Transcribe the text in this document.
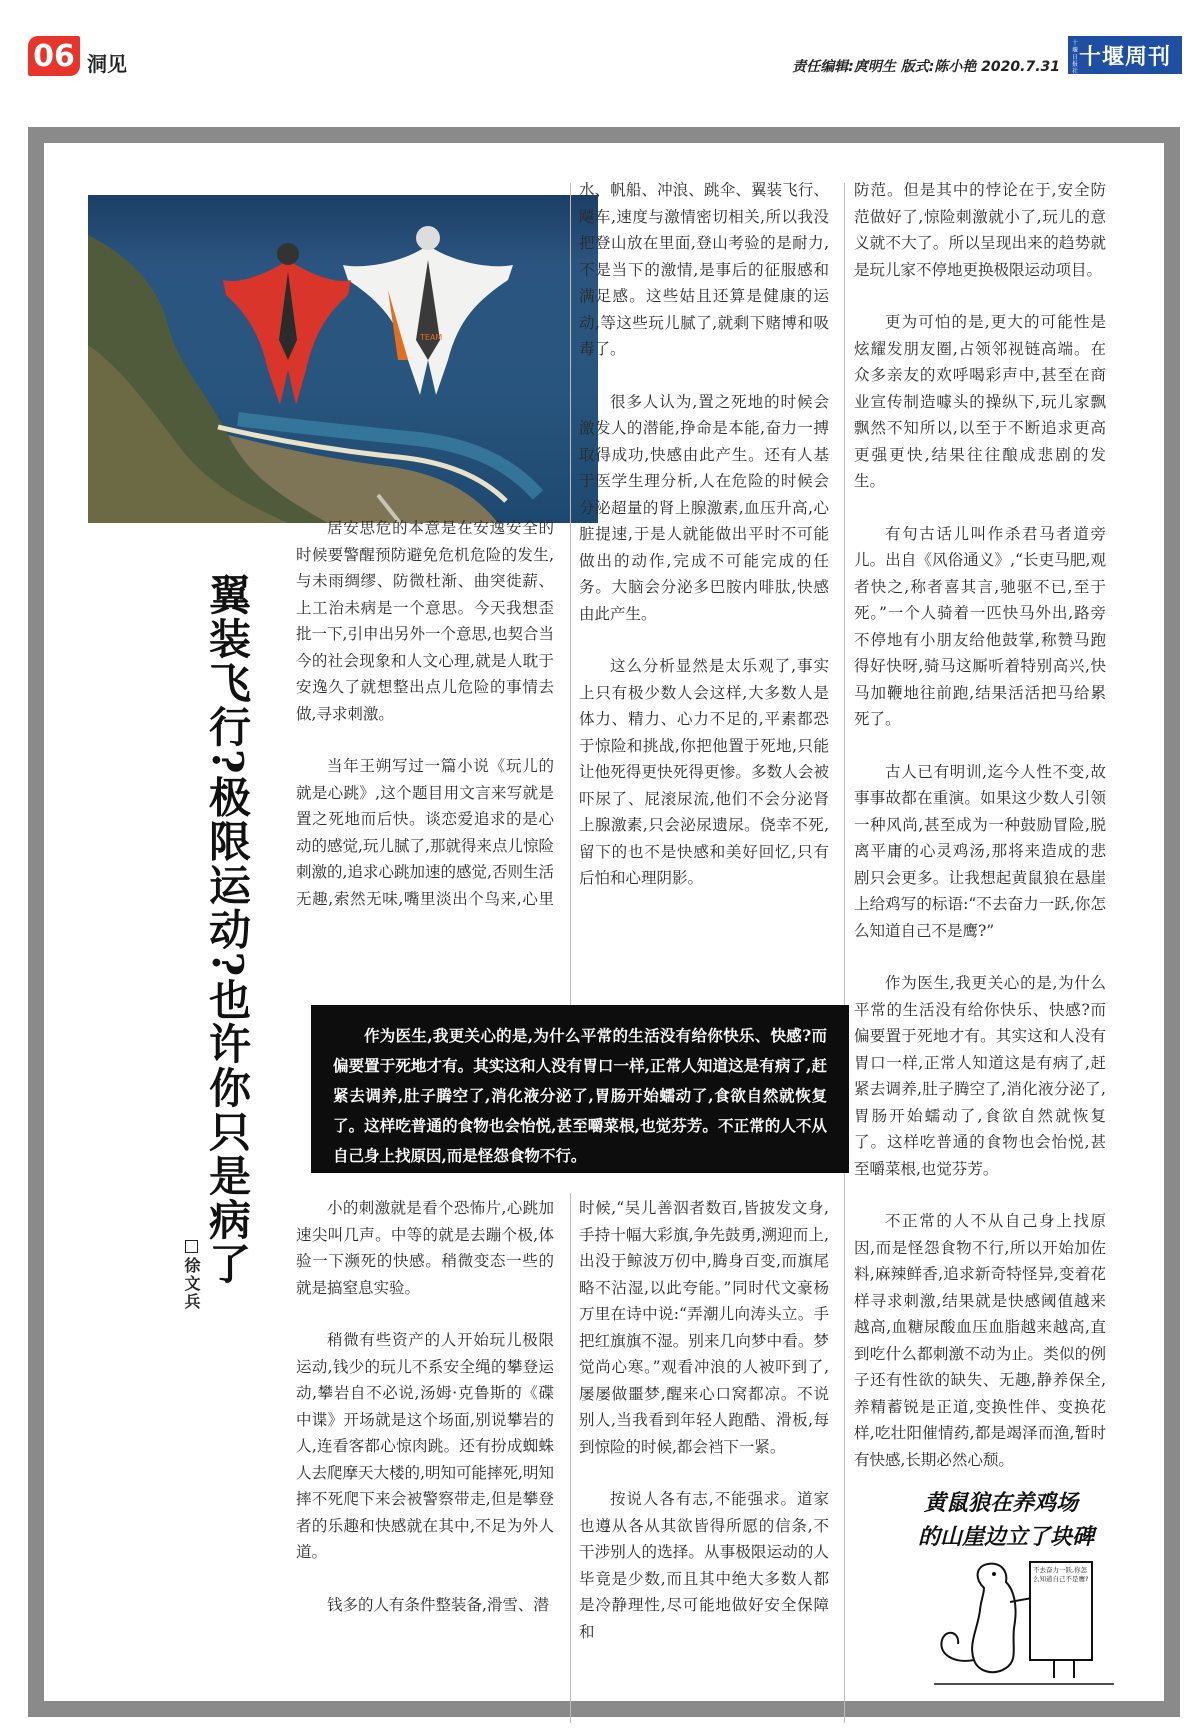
06 洞见	责任编辑:庹明生 版式:陈小艳 2020.7.31
十堰日报社
十堰周刊
TEAM
翼装飞行?极限运动?也许你只是病了
徐文兵

居安思危的本意是在安逸安全的时候要警醒预防避免危机危险的发生,与未雨绸缪、防微杜渐、曲突徙薪、上工治未病是一个意思。今天我想歪批一下,引申出另外一个意思,也契合当今的社会现象和人文心理,就是人耽于安逸久了就想整出点儿危险的事情去做,寻求刺激。

当年王朔写过一篇小说《玩儿的就是心跳》,这个题目用文言来写就是置之死地而后快。谈恋爱追求的是心动的感觉,玩儿腻了,那就得来点儿惊险刺激的,追求心跳加速的感觉,否则生活无趣,索然无味,嘴里淡出个鸟来,心里

水、帆船、冲浪、跳伞、翼装飞行、飚车,速度与激情密切相关,所以我没把登山放在里面,登山考验的是耐力,不是当下的激情,是事后的征服感和满足感。这些姑且还算是健康的运动,等这些玩儿腻了,就剩下赌博和吸毒了。

很多人认为,置之死地的时候会激发人的潜能,挣命是本能,奋力一搏取得成功,快感由此产生。还有人基于医学生理分析,人在危险的时候会分泌超量的肾上腺激素,血压升高,心脏提速,于是人就能做出平时不可能做出的动作,完成不可能完成的任务。大脑会分泌多巴胺内啡肽,快感由此产生。

这么分析显然是太乐观了,事实上只有极少数人会这样,大多数人是体力、精力、心力不足的,平素都恐于惊险和挑战,你把他置于死地,只能让他死得更快死得更惨。多数人会被吓尿了、屁滚尿流,他们不会分泌肾上腺激素,只会泌尿遗尿。侥幸不死,留下的也不是快感和美好回忆,只有后怕和心理阴影。

防范。但是其中的悖论在于,安全防范做好了,惊险刺激就小了,玩儿的意义就不大了。所以呈现出来的趋势就是玩儿家不停地更换极限运动项目。

更为可怕的是,更大的可能性是炫耀发朋友圈,占领邻视链高端。在众多亲友的欢呼喝彩声中,甚至在商业宣传制造噱头的操纵下,玩儿家飘飘然不知所以,以至于不断追求更高更强更快,结果往往酿成悲剧的发生。

有句古话儿叫作杀君马者道旁儿。出自《风俗通义》,“长吏马肥,观者快之,称者喜其言,驰驱不已,至于死。”一个人骑着一匹快马外出,路旁不停地有小朋友给他鼓掌,称赞马跑得好快呀,骑马这厮听着特别高兴,快马加鞭地往前跑,结果活活把马给累死了。

古人已有明训,迄今人性不变,故事事故都在重演。如果这少数人引领一种风尚,甚至成为一种鼓励冒险,脱离平庸的心灵鸡汤,那将来造成的悲剧只会更多。让我想起黄鼠狼在悬崖上给鸡写的标语:“不去奋力一跃,你怎么知道自己不是鹰?”

作为医生,我更关心的是,为什么平常的生活没有给你快乐、快感?而偏要置于死地才有。其实这和人没有胃口一样,正常人知道这是有病了,赶紧去调养,肚子腾空了,消化液分泌了,胃肠开始蠕动了,食欲自然就恢复了。这样吃普通的食物也会怡悦,甚至嚼菜根,也觉芬芳。

不正常的人不从自己身上找原因,而是怪怨食物不行,所以开始加佐料,麻辣鲜香,追求新奇特怪异,变着花样寻求刺激,结果就是快感阈值越来越高,血糖尿酸血压血脂越来越高,直到吃什么都刺激不动为止。类似的例子还有性欲的缺失、无趣,静养保全,养精蓄锐是正道,变换性伴、变换花样,吃壮阳催情药,都是竭泽而渔,暂时有快感,长期必然心颓。

作为医生,我更关心的是,为什么平常的生活没有给你快乐、快感?而偏要置于死地才有。其实这和人没有胃口一样,正常人知道这是有病了,赶紧去调养,肚子腾空了,消化液分泌了,胃肠开始蠕动了,食欲自然就恢复了。这样吃普通的食物也会怡悦,甚至嚼菜根,也觉芬芳。不正常的人不从自己身上找原因,而是怪怨食物不行。

小的刺激就是看个恐怖片,心跳加速尖叫几声。中等的就是去蹦个极,体验一下濒死的快感。稍微变态一些的就是搞窒息实验。

稍微有些资产的人开始玩儿极限运动,钱少的玩儿不系安全绳的攀登运动,攀岩自不必说,汤姆·克鲁斯的《碟中谍》开场就是这个场面,别说攀岩的人,连看客都心惊肉跳。还有扮成蜘蛛人去爬摩天大楼的,明知可能摔死,明知摔不死爬下来会被警察带走,但是攀登者的乐趣和快感就在其中,不足为外人道。

钱多的人有条件整装备,滑雪、潜

时候,“吴儿善泅者数百,皆披发文身,手持十幅大彩旗,争先鼓勇,溯迎而上,出没于鲸波万仞中,腾身百变,而旗尾略不沾湿,以此夸能。”同时代文豪杨万里在诗中说:“弄潮儿向涛头立。手把红旗旗不湿。别来几向梦中看。梦觉尚心寒。”观看冲浪的人被吓到了,屡屡做噩梦,醒来心口窝都凉。不说别人,当我看到年轻人跑酷、滑板,每到惊险的时候,都会裆下一紧。

按说人各有志,不能强求。道家也遵从各从其欲皆得所愿的信条,不干涉别人的选择。从事极限运动的人毕竟是少数,而且其中绝大多数人都是冷静理性,尽可能地做好安全保障和

黄鼠狼在养鸡场
的山崖边立了块碑
不去奋力一跃,你怎么知道自己不是鹰?
